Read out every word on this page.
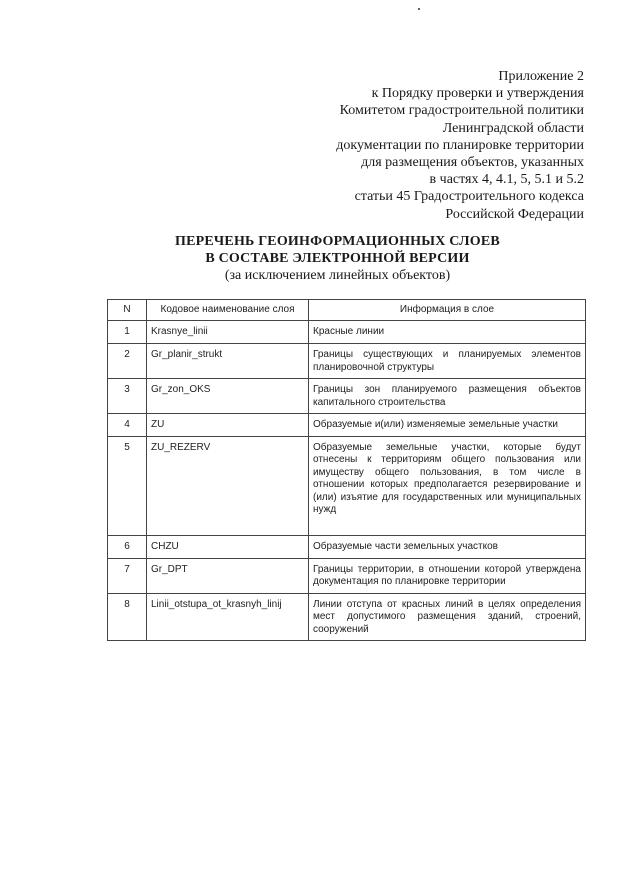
Приложение 2
к Порядку проверки и утверждения
Комитетом градостроительной политики
Ленинградской области
документации по планировке территории
для размещения объектов, указанных
в частях 4, 4.1, 5, 5.1 и 5.2
статьи 45 Градостроительного кодекса
Российской Федерации
ПЕРЕЧЕНЬ ГЕОИНФОРМАЦИОННЫХ СЛОЕВ
В СОСТАВЕ ЭЛЕКТРОННОЙ ВЕРСИИ
(за исключением линейных объектов)
N	Кодовое наименование слоя	Информация в слое
1	Krasnye_linii	Красные линии
2	Gr_planir_strukt	Границы существующих и планируемых элементов планировочной структуры
3	Gr_zon_OKS	Границы зон планируемого размещения объектов капитального строительства
4	ZU	Образуемые и(или) изменяемые земельные участки
5	ZU_REZERV	Образуемые земельные участки, которые будут отнесены к территориям общего пользования или имуществу общего пользования, в том числе в отношении которых предполагается резервирование и (или) изъятие для государственных или муниципальных нужд
6	CHZU	Образуемые части земельных участков
7	Gr_DPT	Границы территории, в отношении которой утверждена документация по планировке территории
8	Linii_otstupa_ot_krasnyh_linij	Линии отступа от красных линий в целях определения мест допустимого размещения зданий, строений, сооружений
